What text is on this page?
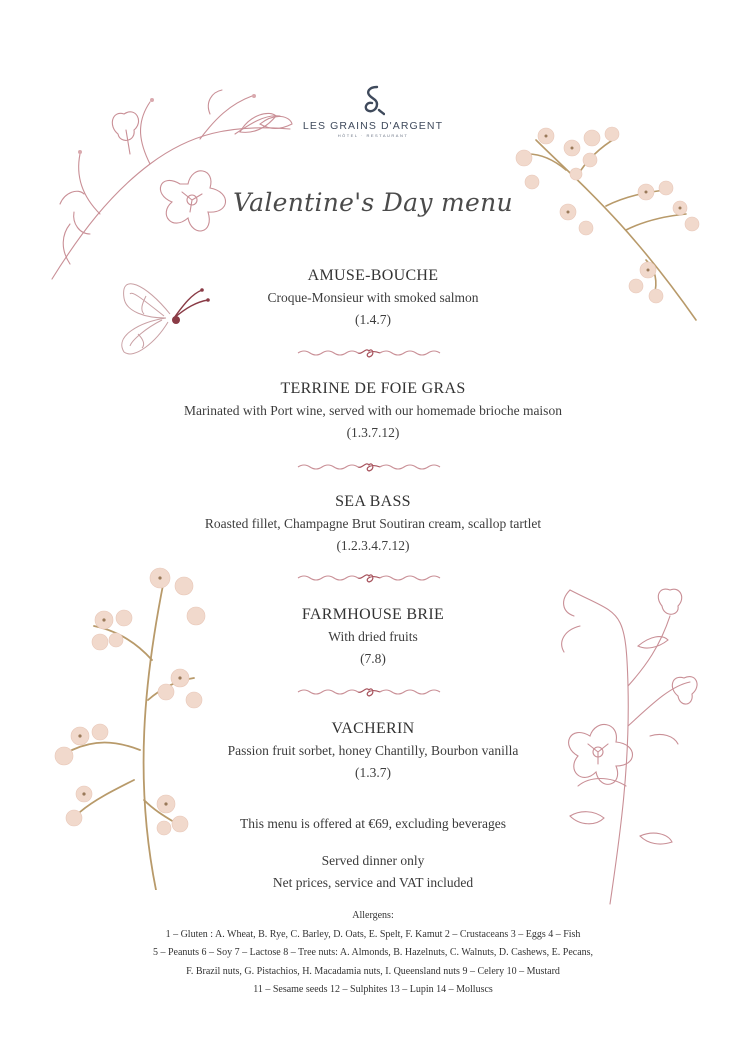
LES GRAINS D'ARGENT
HÔTEL · RESTAURANT
Valentine's Day menu
AMUSE-BOUCHE
Croque-Monsieur with smoked salmon
(1.4.7)
TERRINE DE FOIE GRAS
Marinated with Port wine, served with our homemade brioche maison
(1.3.7.12)
SEA BASS
Roasted fillet, Champagne Brut Soutiran cream, scallop tartlet
(1.2.3.4.7.12)
FARMHOUSE BRIE
With dried fruits
(7.8)
VACHERIN
Passion fruit sorbet, honey Chantilly, Bourbon vanilla
(1.3.7)
This menu is offered at €69, excluding beverages
Served dinner only
Net prices, service and VAT included
Allergens:
1 – Gluten : A. Wheat, B. Rye, C. Barley, D. Oats, E. Spelt, F. Kamut 2 – Crustaceans 3 – Eggs 4 – Fish
5 – Peanuts 6 – Soy 7 – Lactose 8 – Tree nuts: A. Almonds, B. Hazelnuts, C. Walnuts, D. Cashews, E. Pecans,
F. Brazil nuts, G. Pistachios, H. Macadamia nuts, I. Queensland nuts 9 – Celery 10 – Mustard
11 – Sesame seeds 12 – Sulphites 13 – Lupin 14 – Molluscs
